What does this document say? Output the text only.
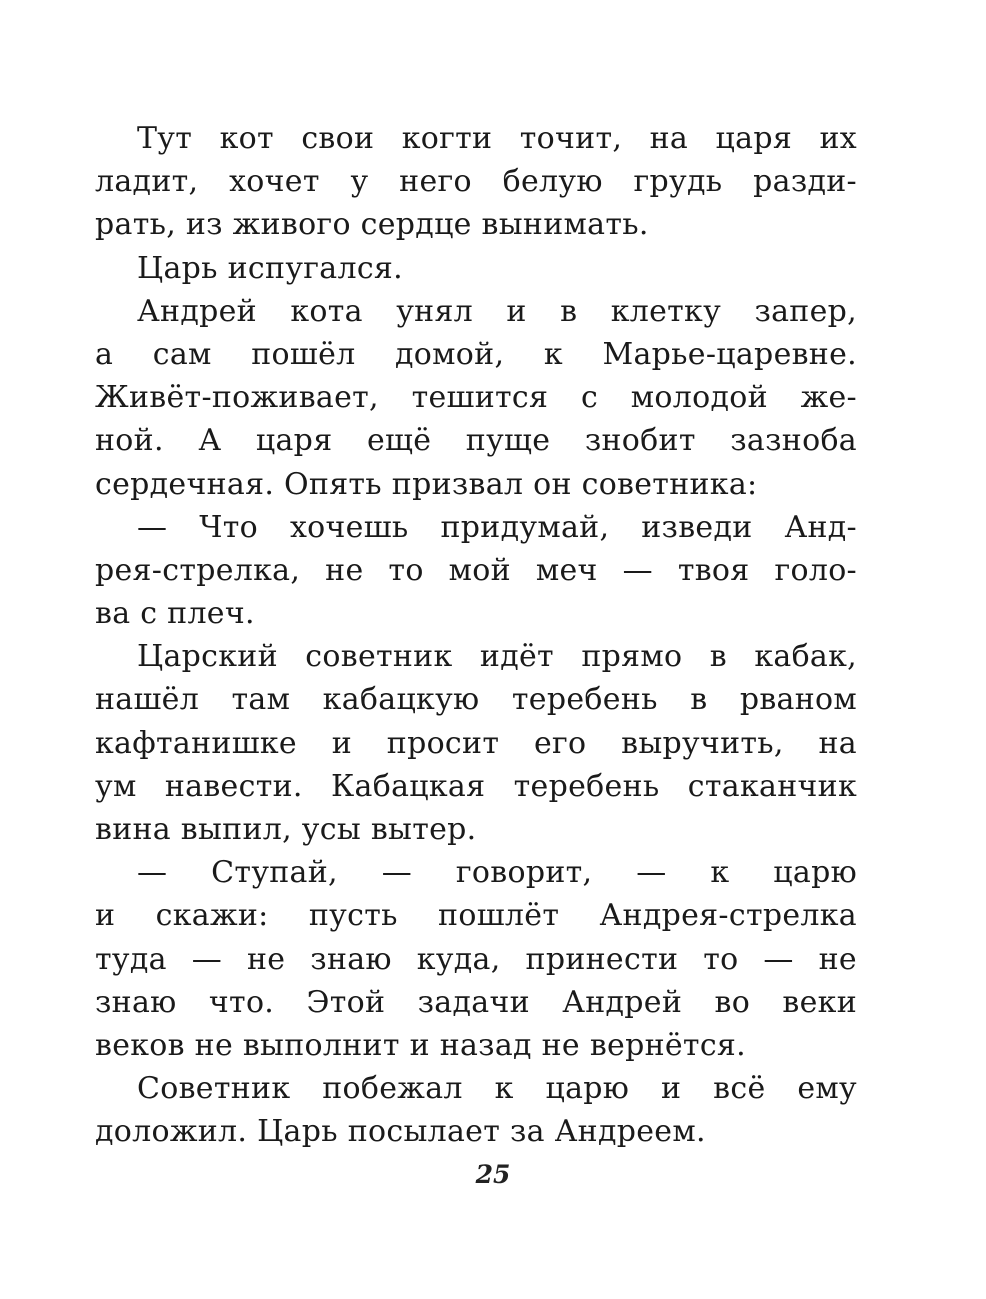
Тут кот свои когти точит, на царя их
ладит, хочет у него белую грудь разди-
рать, из живого сердце вынимать.
Царь испугался.
Андрей кота унял и в клетку запер,
а сам пошёл домой, к Марье-царевне.
Живёт-поживает, тешится с молодой же-
ной. А царя ещё пуще знобит зазноба
сердечная. Опять призвал он советника:
— Что хочешь придумай, изведи Анд-
рея-стрелка, не то мой меч — твоя голо-
ва с плеч.
Царский советник идёт прямо в кабак,
нашёл там кабацкую теребень в рваном
кафтанишке и просит его выручить, на
ум навести. Кабацкая теребень стаканчик
вина выпил, усы вытер.
— Ступай, — говорит, — к царю
и скажи: пусть пошлёт Андрея-стрелка
туда — не знаю куда, принести то — не
знаю что. Этой задачи Андрей во веки
веков не выполнит и назад не вернётся.
Советник побежал к царю и всё ему
доложил. Царь посылает за Андреем.
25
